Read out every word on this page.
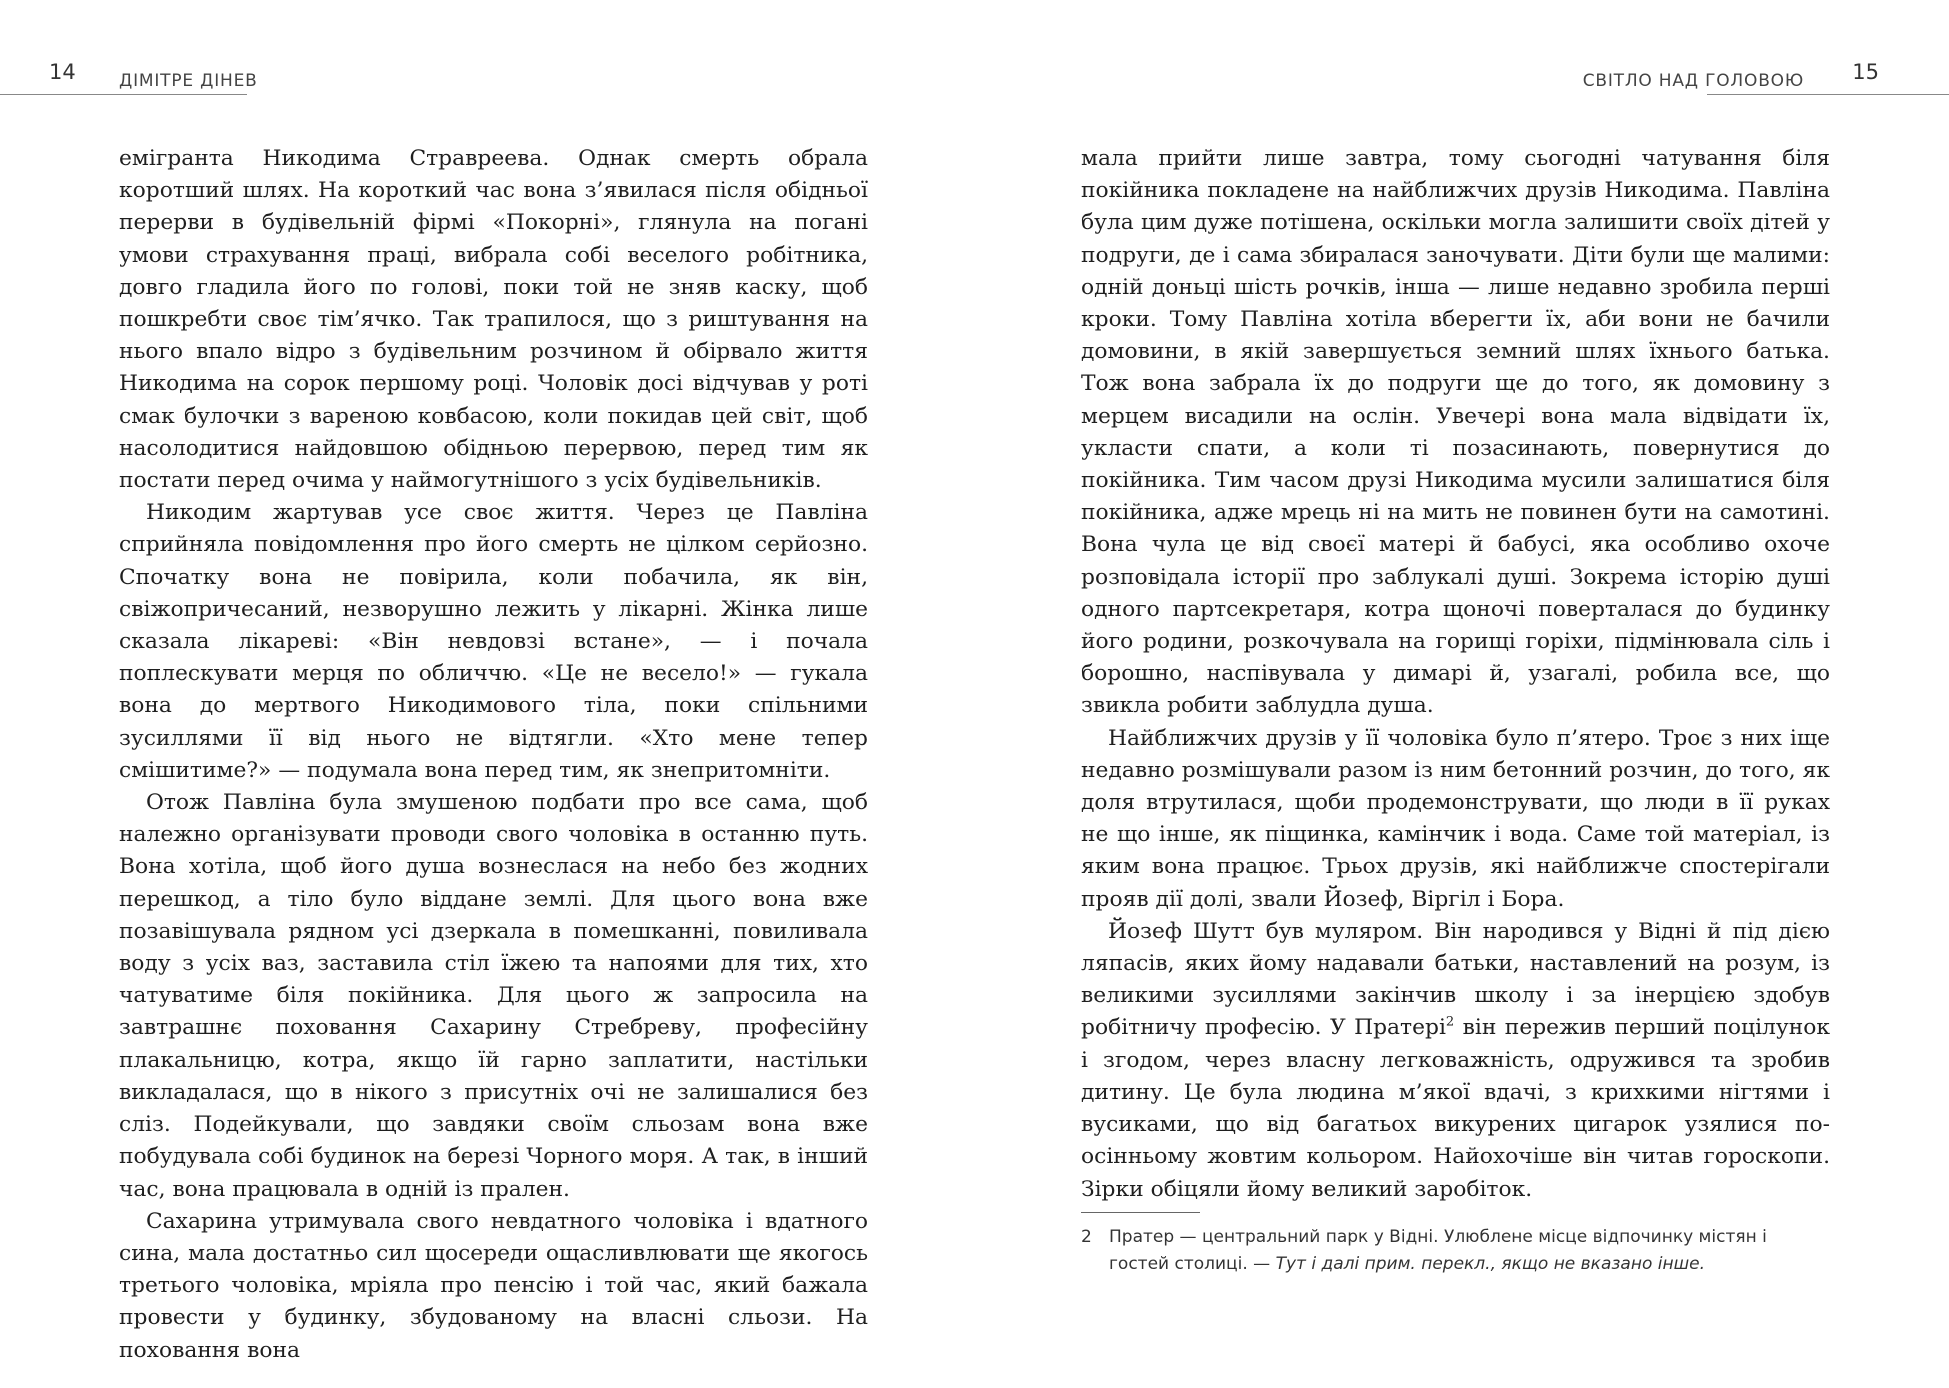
14	ДІМІТРЕ ДІНЕВ

емігранта Никодима Стравреева. Однак смерть обрала коротший шлях. На короткий час вона з’явилася після обідньої перерви в будівельній фірмі «Покорні», глянула на погані умови страхування праці, вибрала собі веселого робітника, довго гладила його по голові, поки той не зняв каску, щоб пошкребти своє тім’ячко. Так трапилося, що з риштування на нього впало відро з будівельним розчином й обірвало життя Никодима на сорок першому році. Чоловік досі відчував у роті смак булочки з вареною ковбасою, коли покидав цей світ, щоб насолодитися найдовшою обідньою перервою, перед тим як постати перед очима у наймогутнішого з усіх будівельників.

Никодим жартував усе своє життя. Через це Павліна сприйняла повідомлення про його смерть не цілком серйозно. Спочатку вона не повірила, коли побачила, як він, свіжопричесаний, незворушно лежить у лікарні. Жінка лише сказала лікареві: «Він невдовзі встане», — і почала поплескувати мерця по обличчю. «Це не весело!» — гукала вона до мертвого Никодимового тіла, поки спільними зусиллями її від нього не відтягли. «Хто мене тепер смішитиме?» — подумала вона перед тим, як знепритомніти.

Отож Павліна була змушеною подбати про все сама, щоб належно організувати проводи свого чоловіка в останню путь. Вона хотіла, щоб його душа вознеслася на небо без жодних перешкод, а тіло було віддане землі. Для цього вона вже позавішувала рядном усі дзеркала в помешканні, повиливала воду з усіх ваз, заставила стіл їжею та напоями для тих, хто чатуватиме біля покійника. Для цього ж запросила на завтрашнє поховання Сахарину Стребреву, професійну плакальницю, котра, якщо їй гарно заплатити, настільки викладалася, що в нікого з присутніх очі не залишалися без сліз. Подейкували, що завдяки своїм сльозам вона вже побудувала собі будинок на березі Чорного моря. А так, в інший час, вона працювала в одній із прален.

Сахарина утримувала свого невдатного чоловіка і вдатного сина, мала достатньо сил щосереди ощасливлювати ще якогось третього чоловіка, мріяла про пенсію і той час, який бажала провести у будинку, збудованому на власні сльози. На поховання вона

СВІТЛО НАД ГОЛОВОЮ 15

мала прийти лише завтра, тому сьогодні чатування біля покійника покладене на найближчих друзів Никодима. Павліна була цим дуже потішена, оскільки могла залишити своїх дітей у подруги, де і сама збиралася заночувати. Діти були ще малими: одній доньці шість рочків, інша — лише недавно зробила перші кроки. Тому Павліна хотіла вберегти їх, аби вони не бачили домовини, в якій завершується земний шлях їхнього батька. Тож вона забрала їх до подруги ще до того, як домовину з мерцем висадили на ослін. Увечері вона мала відвідати їх, укласти спати, а коли ті позасинають, повернутися до покійника. Тим часом друзі Никодима мусили залишатися біля покійника, адже мрець ні на мить не повинен бути на самотині. Вона чула це від своєї матері й бабусі, яка особливо охоче розповідала історії про заблукалі душі. Зокрема історію душі одного партсекретаря, котра щоночі поверталася до будинку його родини, розкочувала на горищі горіхи, підмінювала сіль і борошно, наспівувала у димарі й, узагалі, робила все, що звикла робити заблудла душа.

Найближчих друзів у її чоловіка було п’ятеро. Троє з них іще недавно розмішували разом із ним бетонний розчин, до того, як доля втрутилася, щоби продемонструвати, що люди в її руках не що інше, як піщинка, камінчик і вода. Саме той матеріал, із яким вона працює. Трьох друзів, які найближче спостерігали прояв дії долі, звали Йозеф, Віргіл і Бора.

Йозеф Шутт був муляром. Він народився у Відні й під дією ляпасів, яких йому надавали батьки, наставлений на розум, із великими зусиллями закінчив школу і за інерцією здобув робітничу професію. У Пратері$^2$ він пережив перший поцілунок і згодом, через власну легковажність, одружився та зробив дитину. Це була людина м’якої вдачі, з крихкими нігтями і вусиками, що від багатьох викурених цигарок узялися по-осінньому жовтим кольором. Найохочіше він читав гороскопи. Зірки обіцяли йому великий заробіток.

2 Пратер — центральний парк у Відні. Улюблене місце відпочинку містян і гостей столиці. — Тут і далі прим. перекл., якщо не вказано інше.
